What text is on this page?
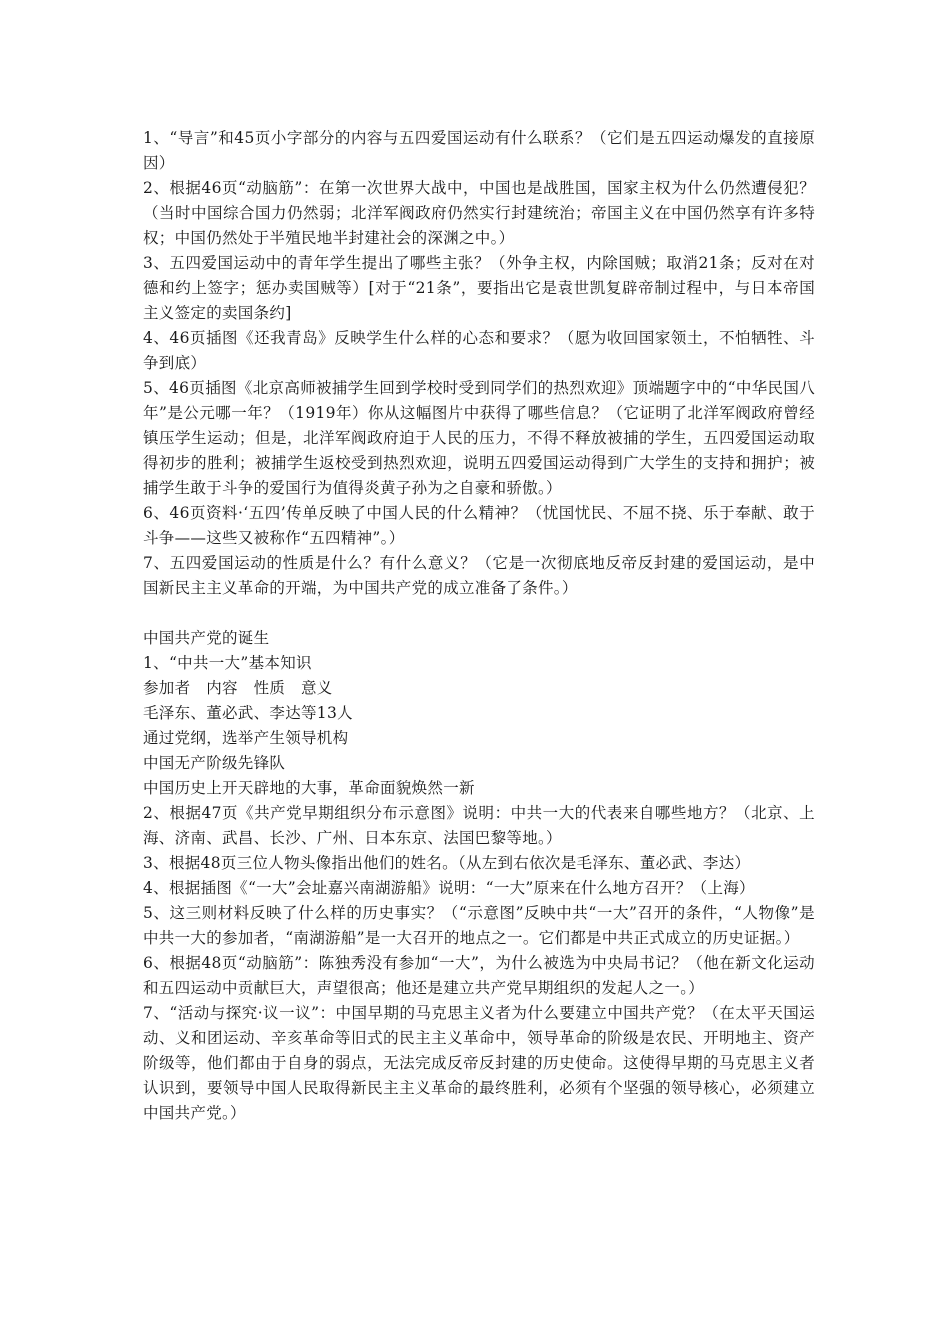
1、“导言”和45页小字部分的内容与五四爱国运动有什么联系？（它们是五四运动爆发的直接原因）

2、根据46页“动脑筋”：在第一次世界大战中，中国也是战胜国，国家主权为什么仍然遭侵犯？（当时中国综合国力仍然弱；北洋军阀政府仍然实行封建统治；帝国主义在中国仍然享有许多特权；中国仍然处于半殖民地半封建社会的深渊之中。）

3、五四爱国运动中的青年学生提出了哪些主张？（外争主权，内除国贼；取消21条；反对在对德和约上签字；惩办卖国贼等）[对于“21条”，要指出它是袁世凯复辟帝制过程中，与日本帝国主义签定的卖国条约]

4、46页插图《还我青岛》反映学生什么样的心态和要求？（愿为收回国家领土，不怕牺牲、斗争到底）

5、46页插图《北京高师被捕学生回到学校时受到同学们的热烈欢迎》顶端题字中的“中华民国八年”是公元哪一年？（1919年）你从这幅图片中获得了哪些信息？（它证明了北洋军阀政府曾经镇压学生运动；但是，北洋军阀政府迫于人民的压力，不得不释放被捕的学生，五四爱国运动取得初步的胜利；被捕学生返校受到热烈欢迎，说明五四爱国运动得到广大学生的支持和拥护；被捕学生敢于斗争的爱国行为值得炎黄子孙为之自豪和骄傲。）

6、46页资料·‘五四’传单反映了中国人民的什么精神？（忧国忧民、不屈不挠、乐于奉献、敢于斗争——这些又被称作“五四精神”。）

7、五四爱国运动的性质是什么？有什么意义？（它是一次彻底地反帝反封建的爱国运动，是中国新民主主义革命的开端，为中国共产党的成立准备了条件。）

中国共产党的诞生

1、“中共一大”基本知识

参加者　内容　性质　意义

毛泽东、董必武、李达等13人

通过党纲，选举产生领导机构

中国无产阶级先锋队

中国历史上开天辟地的大事，革命面貌焕然一新

2、根据47页《共产党早期组织分布示意图》说明：中共一大的代表来自哪些地方？（北京、上海、济南、武昌、长沙、广州、日本东京、法国巴黎等地。）

3、根据48页三位人物头像指出他们的姓名。（从左到右依次是毛泽东、董必武、李达）

4、根据插图《“一大”会址嘉兴南湖游船》说明：“一大”原来在什么地方召开？（上海）

5、这三则材料反映了什么样的历史事实？（“示意图”反映中共“一大”召开的条件，“人物像”是中共一大的参加者，“南湖游船”是一大召开的地点之一。它们都是中共正式成立的历史证据。）

6、根据48页“动脑筋”：陈独秀没有参加“一大”，为什么被选为中央局书记？（他在新文化运动和五四运动中贡献巨大，声望很高；他还是建立共产党早期组织的发起人之一。）

7、“活动与探究·议一议”：中国早期的马克思主义者为什么要建立中国共产党？（在太平天国运动、义和团运动、辛亥革命等旧式的民主主义革命中，领导革命的阶级是农民、开明地主、资产阶级等，他们都由于自身的弱点，无法完成反帝反封建的历史使命。这使得早期的马克思主义者认识到，要领导中国人民取得新民主主义革命的最终胜利，必须有个坚强的领导核心，必须建立中国共产党。）
